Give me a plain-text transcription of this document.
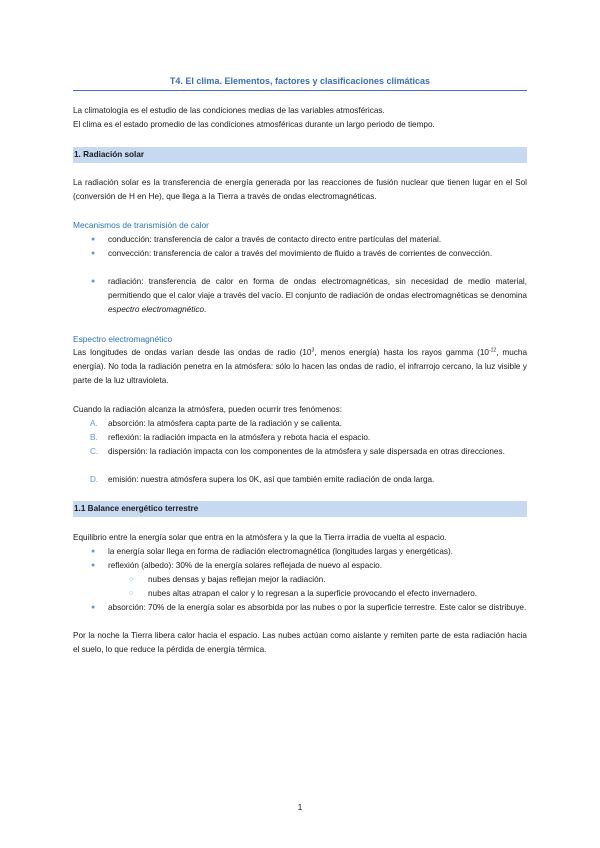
T4. El clima. Elementos, factores y clasificaciones climáticas

La climatología es el estudio de las condiciones medias de las variables atmosféricas.

El clima es el estado promedio de las condiciones atmosféricas durante un largo periodo de tiempo.

1. Radiación solar

La radiación solar es la transferencia de energía generada por las reacciones de fusión nuclear que tienen lugar en el Sol (conversión de H en He), que llega a la Tierra a través de ondas electromagnéticas.

Mecanismos de transmisión de calor
● conducción: transferencia de calor a través de contacto directo entre partículas del material.

● convección: transferencia de calor a través del movimiento de fluido a través de corrientes de convección.

● radiación: transferencia de calor en forma de ondas electromagnéticas, sin necesidad de medio material, permitiendo que el calor viaje a través del vacío. El conjunto de radiación de ondas electromagnéticas se denomina espectro electromagnético.

Espectro electromagnético

Las longitudes de ondas varían desde las ondas de radio ($10^3$, menos energía) hasta los rayos gamma ($10^{-12}$, mucha energía). No toda la radiación penetra en la atmósfera: sólo lo hacen las ondas de radio, el infrarrojo cercano, la luz visible y parte de la luz ultravioleta.

Cuando la radiación alcanza la atmósfera, pueden ocurrir tres fenómenos:
A. absorción: la atmósfera capta parte de la radiación y se calienta.

B. reflexión: la radiación impacta en la atmósfera y rebota hacia el espacio.

C. dispersión: la radiación impacta con los componentes de la atmósfera y sale dispersada en otras direcciones.

D. emisión: nuestra atmósfera supera los 0K, así que también emite radiación de onda larga.

1.1 Balance energético terrestre
Equilibrio entre la energía solar que entra en la atmósfera y la que la Tierra irradia de vuelta al espacio.
● la energía solar llega en forma de radiación electromagnética (longitudes largas y energéticas).

● reflexión (albedo): 30% de la energía solares reflejada de nuevo al espacio.

○ nubes densas y bajas reflejan mejor la radiación.

○ nubes altas atrapan el calor y lo regresan a la superficie provocando el efecto invernadero.

● absorción: 70% de la energía solar es absorbida por las nubes o por la superficie terrestre. Este calor se distribuye.

Por la noche la Tierra libera calor hacia el espacio. Las nubes actúan como aislante y remiten parte de esta radiación hacia el suelo, lo que reduce la pérdida de energía térmica.

1
